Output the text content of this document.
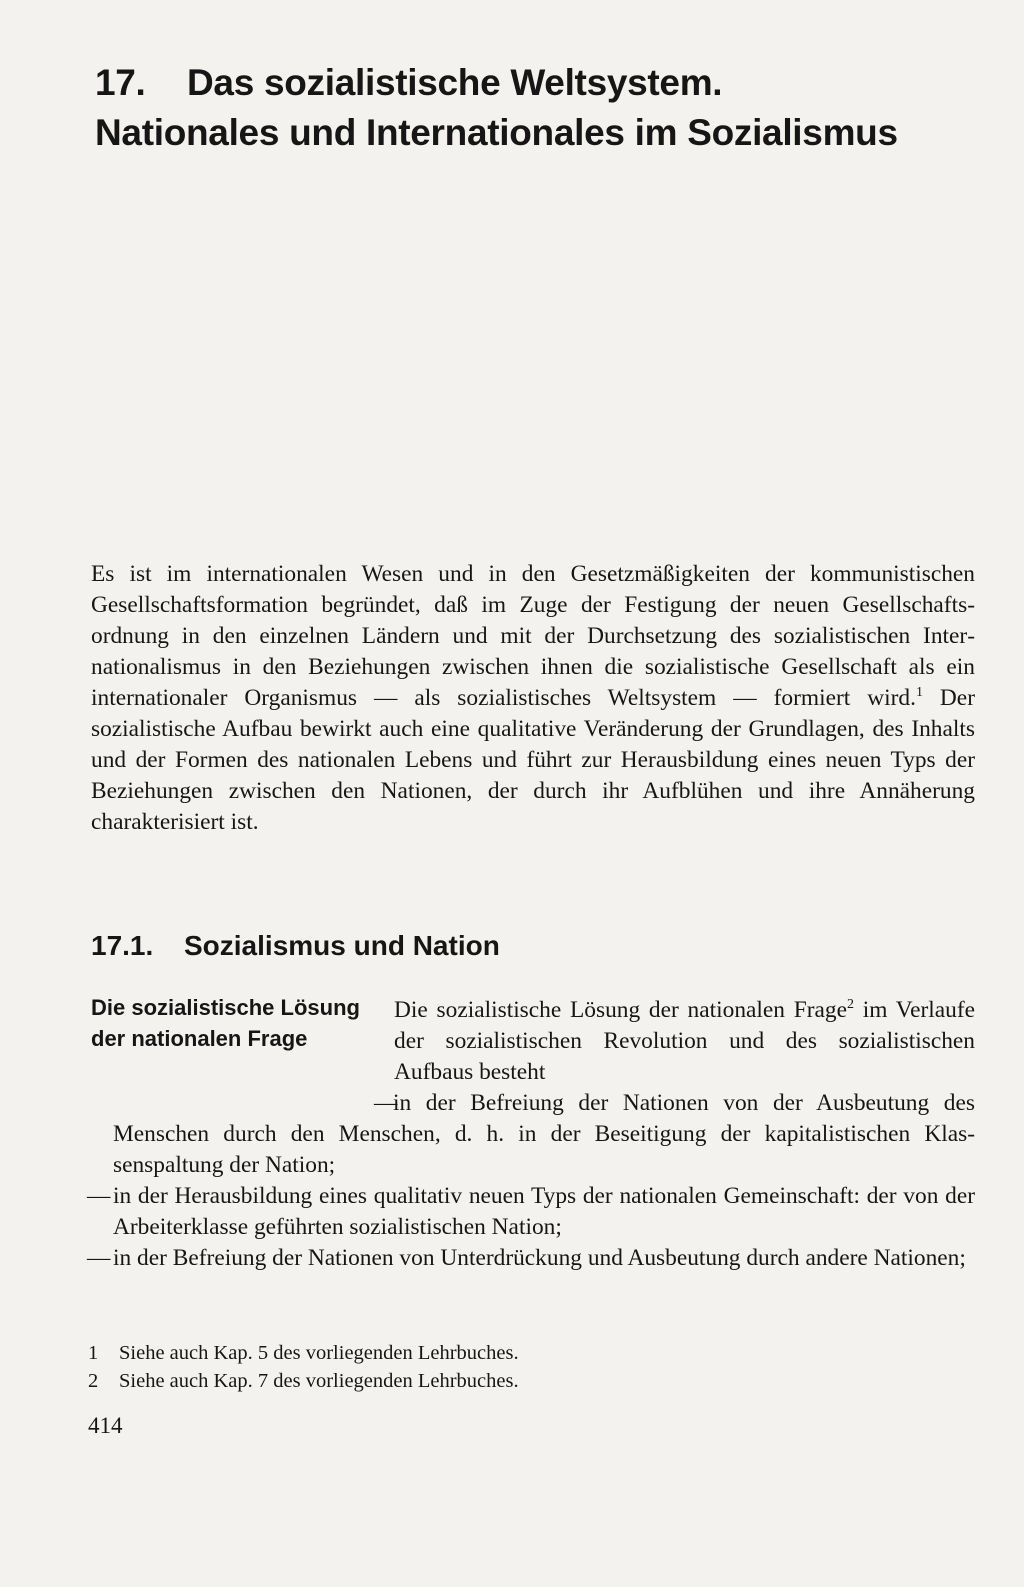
17. Das sozialistische Weltsystem.
Nationales und Internationales im Sozialismus

Es ist im internationalen Wesen und in den Gesetzmäßigkeiten der kommunistischen Gesellschaftsformation begründet, daß im Zuge der Festigung der neuen Gesellschaftsordnung in den einzelnen Ländern und mit der Durchsetzung des sozialistischen Internationalismus in den Beziehungen zwischen ihnen die sozialistische Gesellschaft als ein internationaler Organismus — als sozialistisches Weltsystem — formiert wird.$^1$ Der sozialistische Aufbau bewirkt auch eine qualitative Veränderung der Grundlagen, des Inhalts und der Formen des nationalen Lebens und führt zur Herausbildung eines neuen Typs der Beziehungen zwischen den Nationen, der durch ihr Aufblühen und ihre Annäherung charakterisiert ist.

17.1. Sozialismus und Nation

Die sozialistische Lösung der nationalen Frage

Die sozialistische Lösung der nationalen Frage$^2$ im Verlaufe der sozialistischen Revolution und des sozialistischen Aufbaus besteht

—
in der Befreiung der Nationen von der Ausbeutung des
Menschen durch den Menschen, d. h. in der Beseitigung der kapitalistischen Klassenspaltung der Nation;
— in der Herausbildung eines qualitativ neuen Typs der nationalen Gemeinschaft: der von der Arbeiterklasse geführten sozialistischen Nation;
— in der Befreiung der Nationen von Unterdrückung und Ausbeutung durch andere Nationen;
1 Siehe auch Kap. 5 des vorliegenden Lehrbuches.
2 Siehe auch Kap. 7 des vorliegenden Lehrbuches.

414
